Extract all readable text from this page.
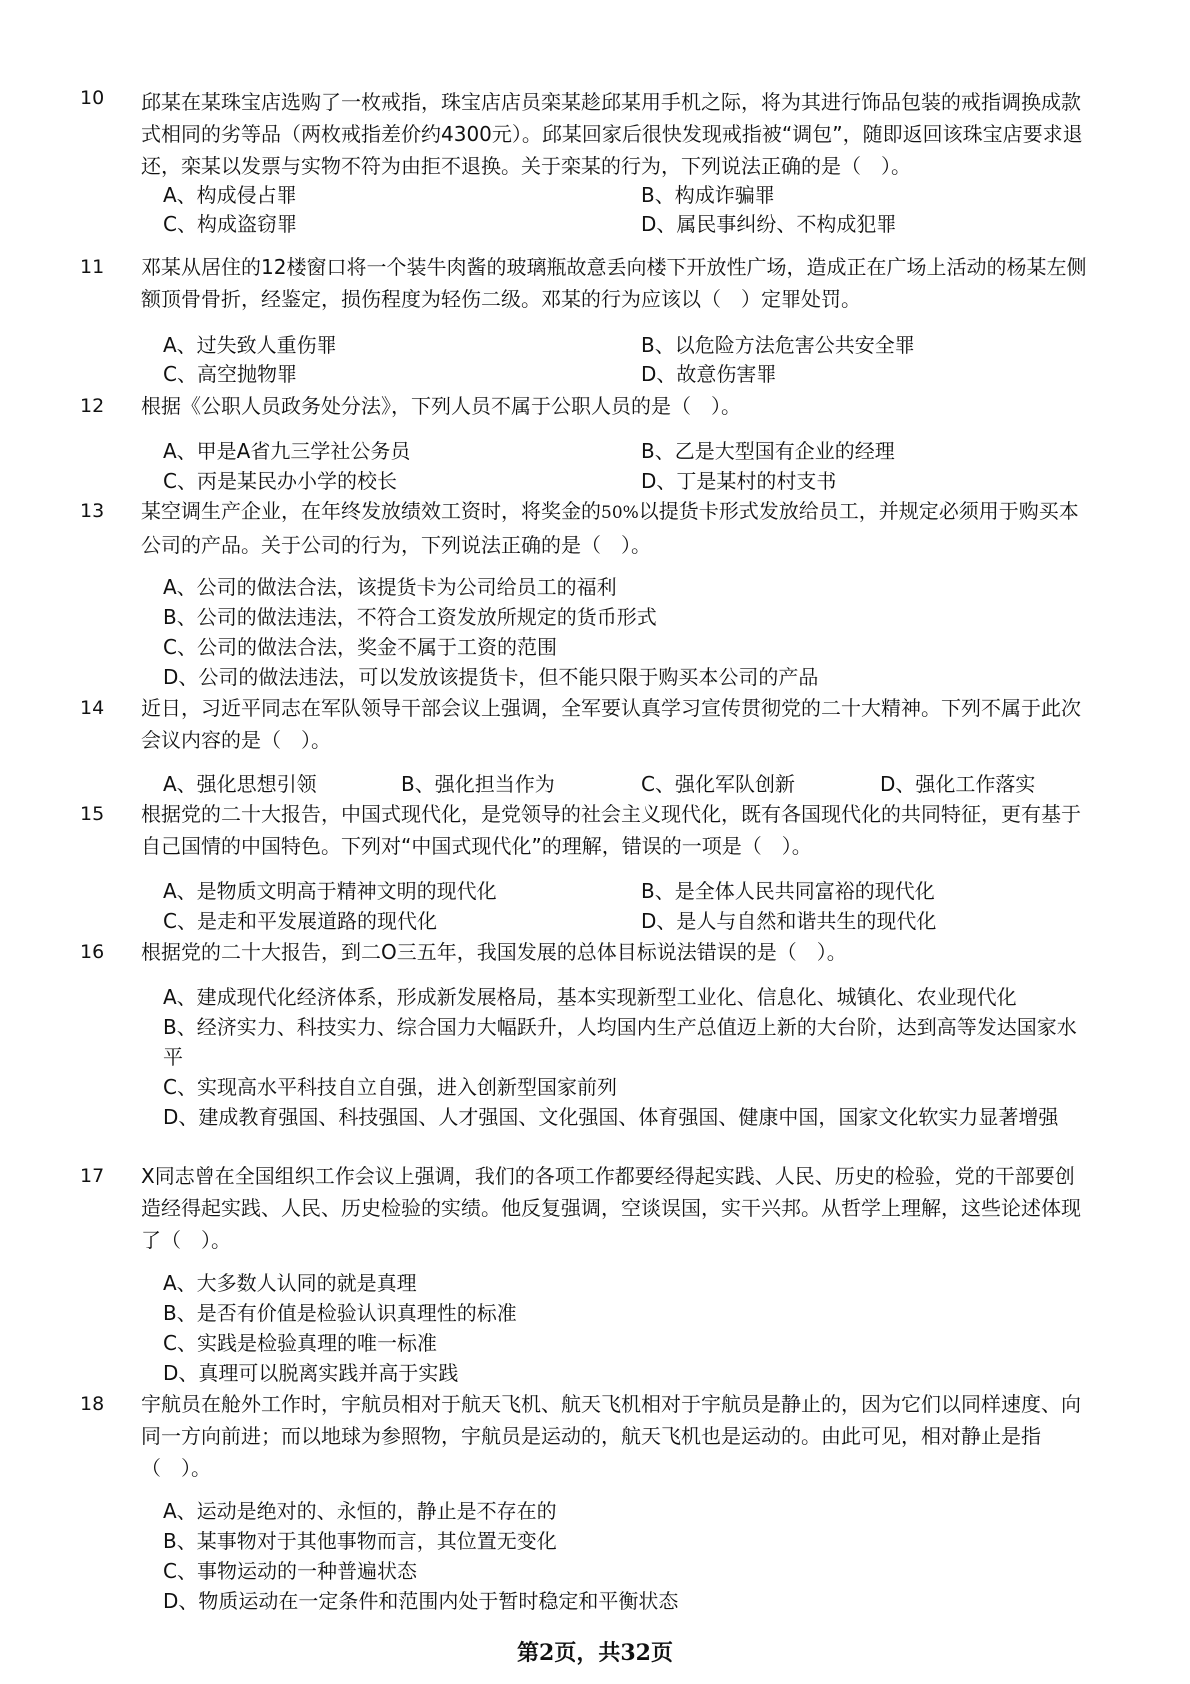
10 邱某在某珠宝店选购了一枚戒指，珠宝店店员栾某趁邱某用手机之际，将为其进行饰品包装的戒指调换成款式相同的劣等品（两枚戒指差价约4300元）。邱某回家后很快发现戒指被“调包”，随即返回该珠宝店要求退还，栾某以发票与实物不符为由拒不退换。关于栾某的行为，下列说法正确的是（　）。
A、构成侵占罪	B、构成诈骗罪
C、构成盗窃罪	D、属民事纠纷、不构成犯罪
11 邓某从居住的12楼窗口将一个装牛肉酱的玻璃瓶故意丢向楼下开放性广场，造成正在广场上活动的杨某左侧额顶骨骨折，经鉴定，损伤程度为轻伤二级。邓某的行为应该以（　）定罪处罚。
A、过失致人重伤罪	B、以危险方法危害公共安全罪
C、高空抛物罪	D、故意伤害罪
12 根据《公职人员政务处分法》，下列人员不属于公职人员的是（　）。
A、甲是A省九三学社公务员	B、乙是大型国有企业的经理
C、丙是某民办小学的校长	D、丁是某村的村支书
13 某空调生产企业，在年终发放绩效工资时，将奖金的50%以提货卡形式发放给员工，并规定必须用于购买本公司的产品。关于公司的行为，下列说法正确的是（　）。
A、公司的做法合法，该提货卡为公司给员工的福利
B、公司的做法违法，不符合工资发放所规定的货币形式
C、公司的做法合法，奖金不属于工资的范围
D、公司的做法违法，可以发放该提货卡，但不能只限于购买本公司的产品
14 近日，习近平同志在军队领导干部会议上强调，全军要认真学习宣传贯彻党的二十大精神。下列不属于此次会议内容的是（　）。
A、强化思想引领	B、强化担当作为	C、强化军队创新	D、强化工作落实
15 根据党的二十大报告，中国式现代化，是党领导的社会主义现代化，既有各国现代化的共同特征，更有基于自己国情的中国特色。下列对“中国式现代化”的理解，错误的一项是（　）。
A、是物质文明高于精神文明的现代化	B、是全体人民共同富裕的现代化
C、是走和平发展道路的现代化	D、是人与自然和谐共生的现代化
16 根据党的二十大报告，到二O三五年，我国发展的总体目标说法错误的是（　）。
A、建成现代化经济体系，形成新发展格局，基本实现新型工业化、信息化、城镇化、农业现代化
B、经济实力、科技实力、综合国力大幅跃升，人均国内生产总值迈上新的大台阶，达到高等发达国家水平
C、实现高水平科技自立自强，进入创新型国家前列
D、建成教育强国、科技强国、人才强国、文化强国、体育强国、健康中国，国家文化软实力显著增强
17 X同志曾在全国组织工作会议上强调，我们的各项工作都要经得起实践、人民、历史的检验，党的干部要创造经得起实践、人民、历史检验的实绩。他反复强调，空谈误国，实干兴邦。从哲学上理解，这些论述体现了（　）。
A、大多数人认同的就是真理
B、是否有价值是检验认识真理性的标准
C、实践是检验真理的唯一标准
D、真理可以脱离实践并高于实践
18 宇航员在舱外工作时，宇航员相对于航天飞机、航天飞机相对于宇航员是静止的，因为它们以同样速度、向同一方向前进；而以地球为参照物，宇航员是运动的，航天飞机也是运动的。由此可见，相对静止是指（　）。
A、运动是绝对的、永恒的，静止是不存在的
B、某事物对于其他事物而言，其位置无变化
C、事物运动的一种普遍状态
D、物质运动在一定条件和范围内处于暂时稳定和平衡状态
第2页，共32页
